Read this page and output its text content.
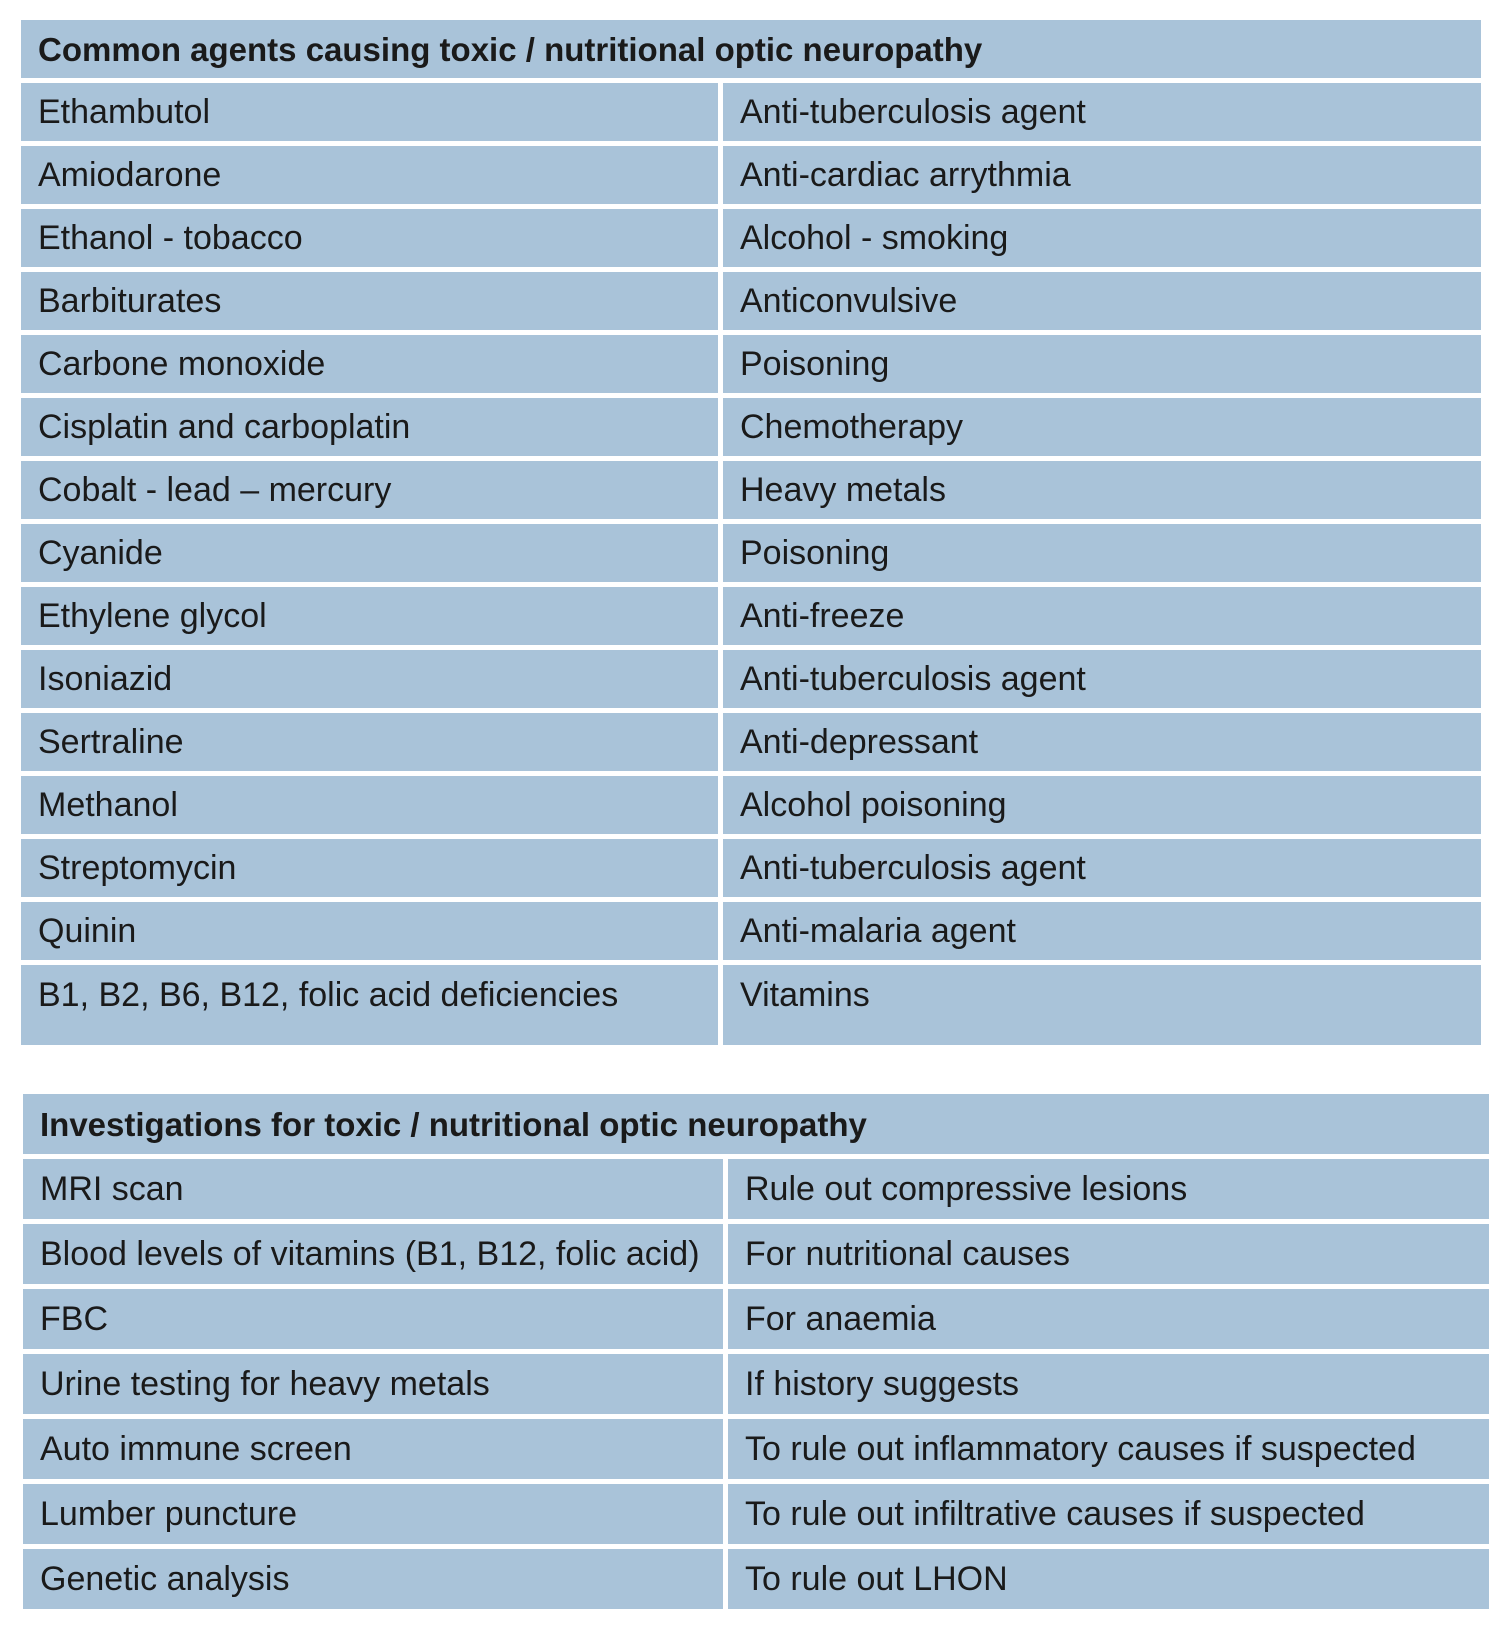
Common agents causing toxic / nutritional optic neuropathy	
Ethambutol	Anti-tuberculosis agent
Amiodarone	Anti-cardiac arrythmia
Ethanol - tobacco	Alcohol - smoking
Barbiturates	Anticonvulsive
Carbone monoxide	Poisoning
Cisplatin and carboplatin	Chemotherapy
Cobalt - lead – mercury	Heavy metals
Cyanide	Poisoning
Ethylene glycol	Anti-freeze
Isoniazid	Anti-tuberculosis agent
Sertraline	Anti-depressant
Methanol	Alcohol poisoning
Streptomycin	Anti-tuberculosis agent
Quinin	Anti-malaria agent
B1, B2, B6, B12, folic acid deficiencies	Vitamins
Investigations for toxic / nutritional optic neuropathy	
MRI scan	Rule out compressive lesions
Blood levels of vitamins (B1, B12, folic acid)	For nutritional causes
FBC	For anaemia
Urine testing for heavy metals	If history suggests
Auto immune screen	To rule out inflammatory causes if suspected
Lumber puncture	To rule out infiltrative causes if suspected
Genetic analysis	To rule out LHON
